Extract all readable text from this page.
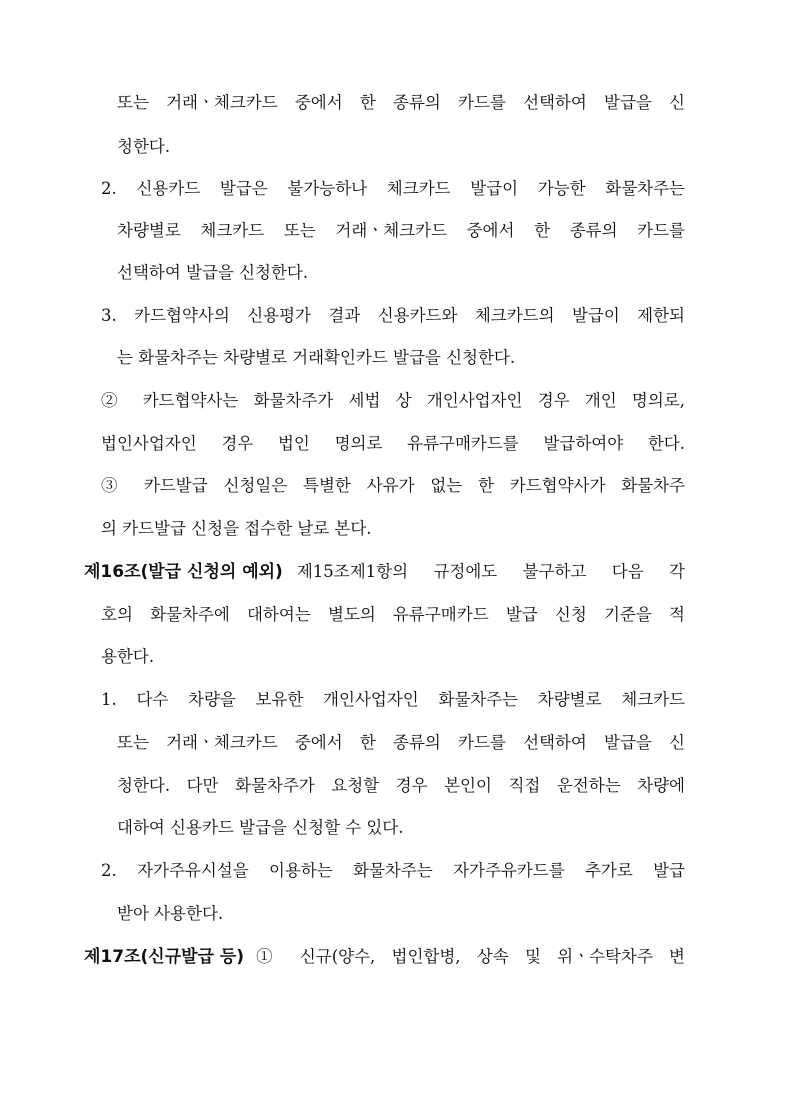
또는 거래ㆍ체크카드 중에서 한 종류의 카드를 선택하여 발급을 신
청한다.
2. 신용카드 발급은 불가능하나 체크카드 발급이 가능한 화물차주는
차량별로 체크카드 또는 거래ㆍ체크카드 중에서 한 종류의 카드를
선택하여 발급을 신청한다.
3. 카드협약사의 신용평가 결과 신용카드와 체크카드의 발급이 제한되
는 화물차주는 차량별로 거래확인카드 발급을 신청한다.
② 카드협약사는 화물차주가 세법 상 개인사업자인 경우 개인 명의로,
법인사업자인 경우 법인 명의로 유류구매카드를 발급하여야 한다.
③ 카드발급 신청일은 특별한 사유가 없는 한 카드협약사가 화물차주
의 카드발급 신청을 접수한 날로 본다.
제16조(발급 신청의 예외) 제15조제1항의 규정에도 불구하고 다음 각
호의 화물차주에 대하여는 별도의 유류구매카드 발급 신청 기준을 적
용한다.
1. 다수 차량을 보유한 개인사업자인 화물차주는 차량별로 체크카드
또는 거래ㆍ체크카드 중에서 한 종류의 카드를 선택하여 발급을 신
청한다. 다만 화물차주가 요청할 경우 본인이 직접 운전하는 차량에
대하여 신용카드 발급을 신청할 수 있다.
2. 자가주유시설을 이용하는 화물차주는 자가주유카드를 추가로 발급
받아 사용한다.
제17조(신규발급 등) ① 신규(양수, 법인합병, 상속 및 위ㆍ수탁차주 변
